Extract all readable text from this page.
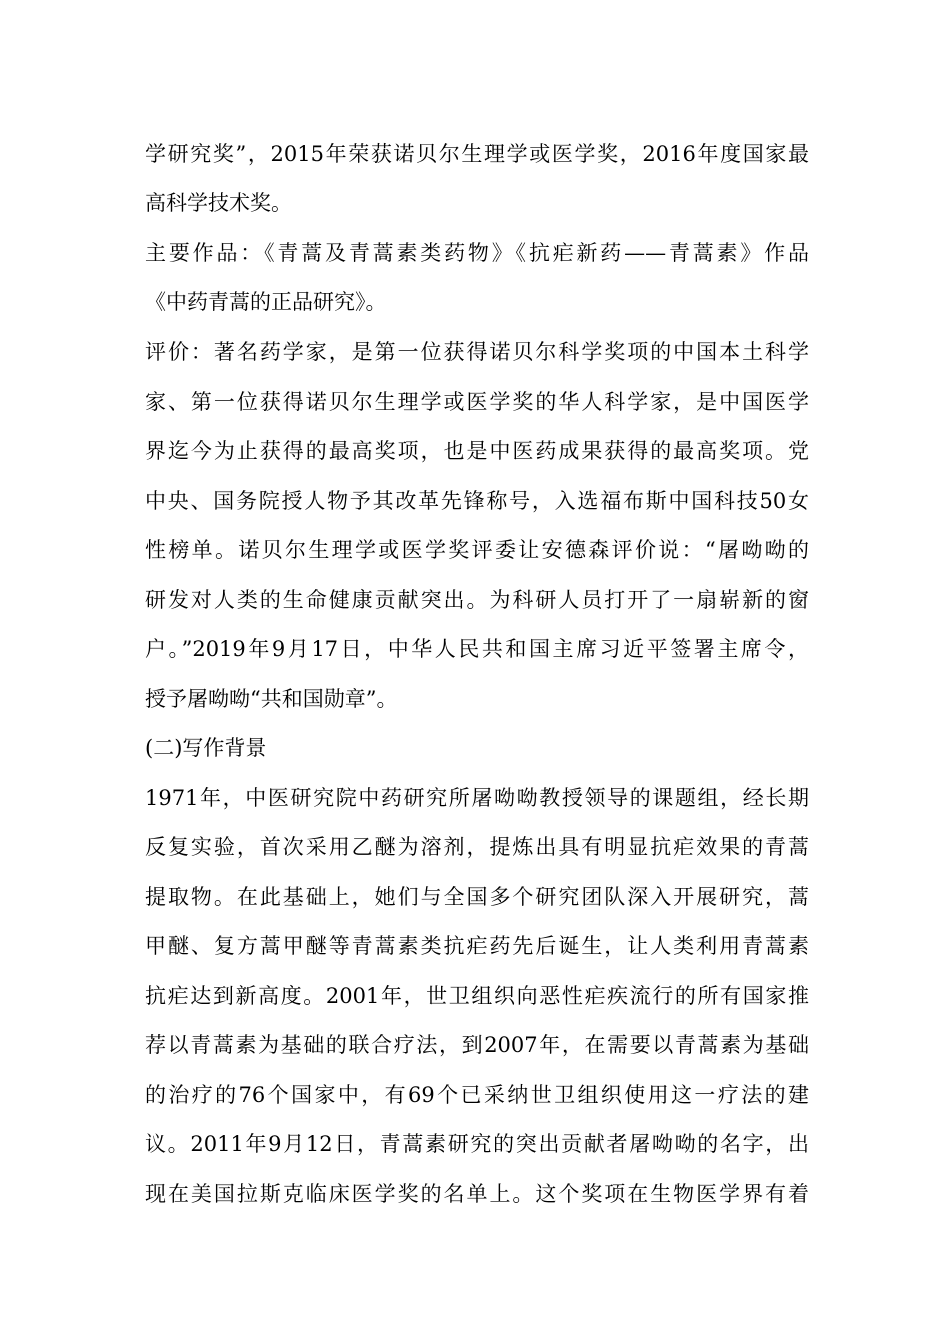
学研究奖”，2015年荣获诺贝尔生理学或医学奖，2016年度国家最

高科学技术奖。

主要作品：《青蒿及青蒿素类药物》《抗疟新药——青蒿素》作品

《中药青蒿的正品研究》。

评价：著名药学家，是第一位获得诺贝尔科学奖项的中国本土科学

家、第一位获得诺贝尔生理学或医学奖的华人科学家，是中国医学

界迄今为止获得的最高奖项，也是中医药成果获得的最高奖项。党

中央、国务院授人物予其改革先锋称号，入选福布斯中国科技50女

性榜单。诺贝尔生理学或医学奖评委让安德森评价说：“屠呦呦的

研发对人类的生命健康贡献突出。为科研人员打开了一扇崭新的窗

户。”2019年9月17日，中华人民共和国主席习近平签署主席令，

授予屠呦呦“共和国勋章”。

(二)写作背景

1971年，中医研究院中药研究所屠呦呦教授领导的课题组，经长期

反复实验，首次采用乙醚为溶剂，提炼出具有明显抗疟效果的青蒿

提取物。在此基础上，她们与全国多个研究团队深入开展研究，蒿

甲醚、复方蒿甲醚等青蒿素类抗疟药先后诞生，让人类利用青蒿素

抗疟达到新高度。2001年，世卫组织向恶性疟疾流行的所有国家推

荐以青蒿素为基础的联合疗法，到2007年，在需要以青蒿素为基础

的治疗的76个国家中，有69个已采纳世卫组织使用这一疗法的建

议。2011年9月12日，青蒿素研究的突出贡献者屠呦呦的名字，出

现在美国拉斯克临床医学奖的名单上。这个奖项在生物医学界有着
